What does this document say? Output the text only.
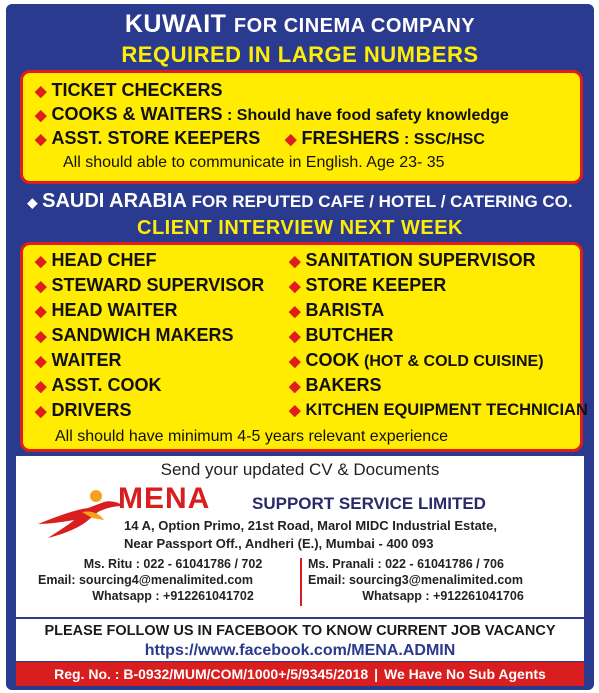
KUWAIT FOR CINEMA COMPANY
REQUIRED IN LARGE NUMBERS
◆ TICKET CHECKERS
◆ COOKS & WAITERS : Should have food safety knowledge
◆ ASST. STORE KEEPERS ◆ FRESHERS : SSC/HSC
All should able to communicate in English. Age 23- 35
◆ SAUDI ARABIA FOR REPUTED CAFE / HOTEL / CATERING CO.
CLIENT INTERVIEW NEXT WEEK
◆ HEAD CHEF
◆ STEWARD SUPERVISOR
◆ HEAD WAITER
◆ SANDWICH MAKERS
◆ WAITER
◆ ASST. COOK
◆ DRIVERS
◆ SANITATION SUPERVISOR
◆ STORE KEEPER
◆ BARISTA
◆ BUTCHER
◆ COOK (HOT & COLD CUISINE)
◆ BAKERS
◆ KITCHEN EQUIPMENT TECHNICIAN
All should have minimum 4-5 years relevant experience
Send your updated CV & Documents
MENA SUPPORT SERVICE LIMITED
14 A, Option Primo, 21st Road, Marol MIDC Industrial Estate,
Near Passport Off., Andheri (E.), Mumbai - 400 093
Ms. Ritu : 022 - 61041786 / 702
Email: sourcing4@menalimited.com
Whatsapp : +912261041702
Ms. Pranali : 022 - 61041786 / 706
Email: sourcing3@menalimited.com
Whatsapp : +912261041706
PLEASE FOLLOW US IN FACEBOOK TO KNOW CURRENT JOB VACANCY
https://www.facebook.com/MENA.ADMIN
Reg. No. : B-0932/MUM/COM/1000+/5/9345/2018 | We Have No Sub Agents
